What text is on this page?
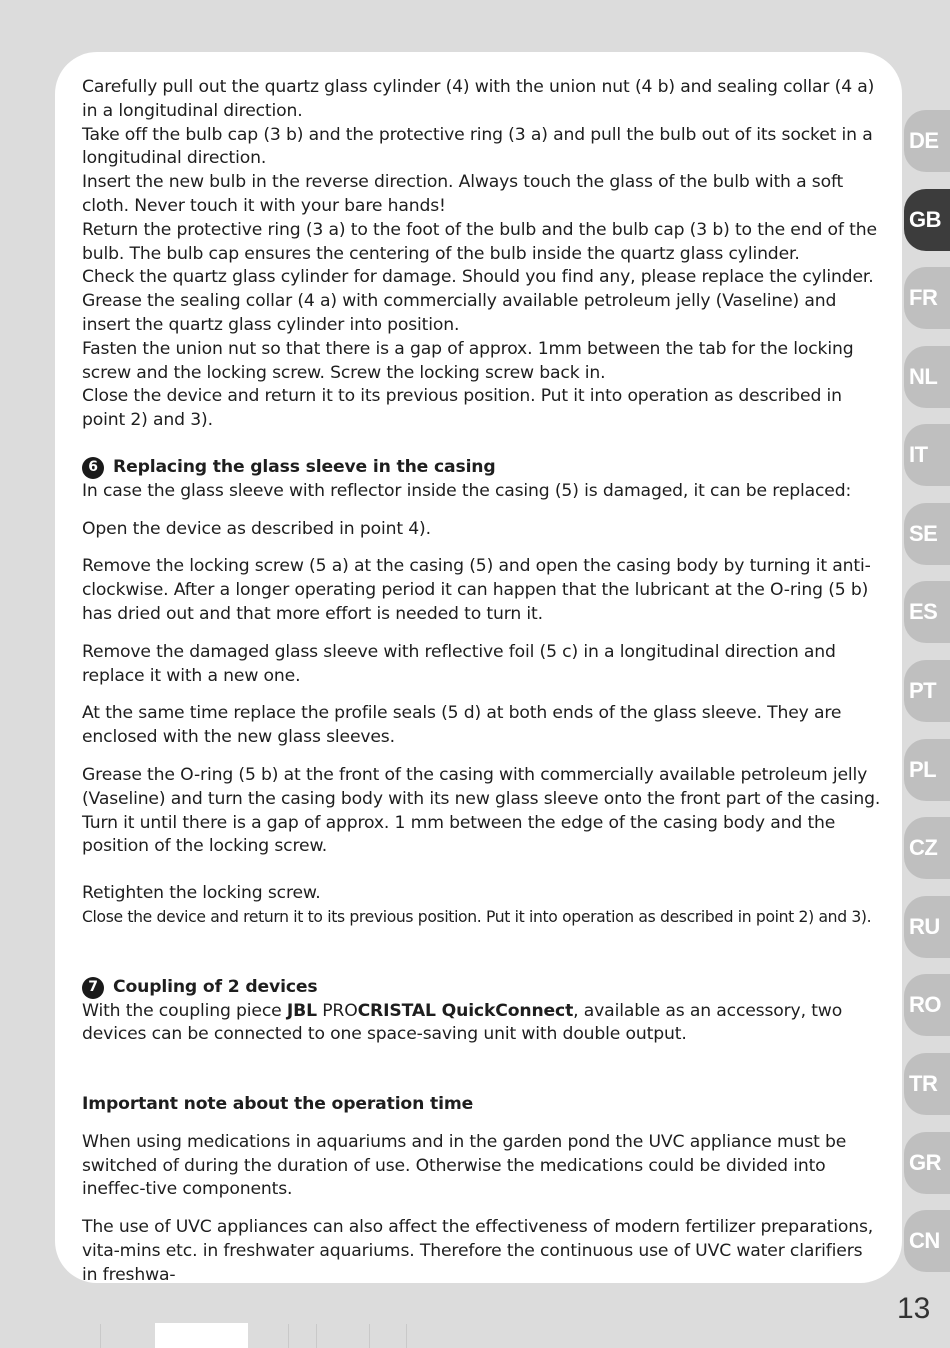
Carefully pull out the quartz glass cylinder (4) with the union nut (4 b) and sealing collar (4 a) in a longitudinal direction.

Take off the bulb cap (3 b) and the protective ring (3 a) and pull the bulb out of its socket in a longitudinal direction.

Insert the new bulb in the reverse direction. Always touch the glass of the bulb with a soft cloth. Never touch it with your bare hands!

Return the protective ring (3 a) to the foot of the bulb and the bulb cap (3 b) to the end of the bulb. The bulb cap ensures the centering of the bulb inside the quartz glass cylinder.

Check the quartz glass cylinder for damage. Should you find any, please replace the cylinder.

Grease the sealing collar (4 a) with commercially available petroleum jelly (Vaseline) and insert the quartz glass cylinder into position.

Fasten the union nut so that there is a gap of approx. 1mm between the tab for the locking screw and the locking screw. Screw the locking screw back in.

Close the device and return it to its previous position. Put it into operation as described in point 2) and 3).

6 Replacing the glass sleeve in the casing

In case the glass sleeve with reflector inside the casing (5) is damaged, it can be replaced:

Open the device as described in point 4).

Remove the locking screw (5 a) at the casing (5) and open the casing body by turning it anti-clockwise. After a longer operating period it can happen that the lubricant at the O-ring (5 b) has dried out and that more effort is needed to turn it.

Remove the damaged glass sleeve with reflective foil (5 c) in a longitudinal direction and replace it with a new one.

At the same time replace the profile seals (5 d) at both ends of the glass sleeve. They are enclosed with the new glass sleeves.

Grease the O-ring (5 b) at the front of the casing with commercially available petroleum jelly (Vaseline) and turn the casing body with its new glass sleeve onto the front part of the casing. Turn it until there is a gap of approx. 1 mm between the edge of the casing body and the position of the locking screw.

Retighten the locking screw.

Close the device and return it to its previous position. Put it into operation as described in point 2) and 3).

7 Coupling of 2 devices

With the coupling piece JBL PROCRISTAL QuickConnect, available as an accessory, two devices can be connected to one space-saving unit with double output.

Important note about the operation time

When using medications in aquariums and in the garden pond the UVC appliance must be switched of during the duration of use. Otherwise the medications could be divided into ineffec-tive components.

The use of UVC appliances can also affect the effectiveness of modern fertilizer preparations, vita-mins etc. in freshwater aquariums. Therefore the continuous use of UVC water clarifiers in freshwa-

DE
GB
FR
NL
IT
SE
ES
PT
PL
CZ
RU
RO
TR
GR
CN
13
